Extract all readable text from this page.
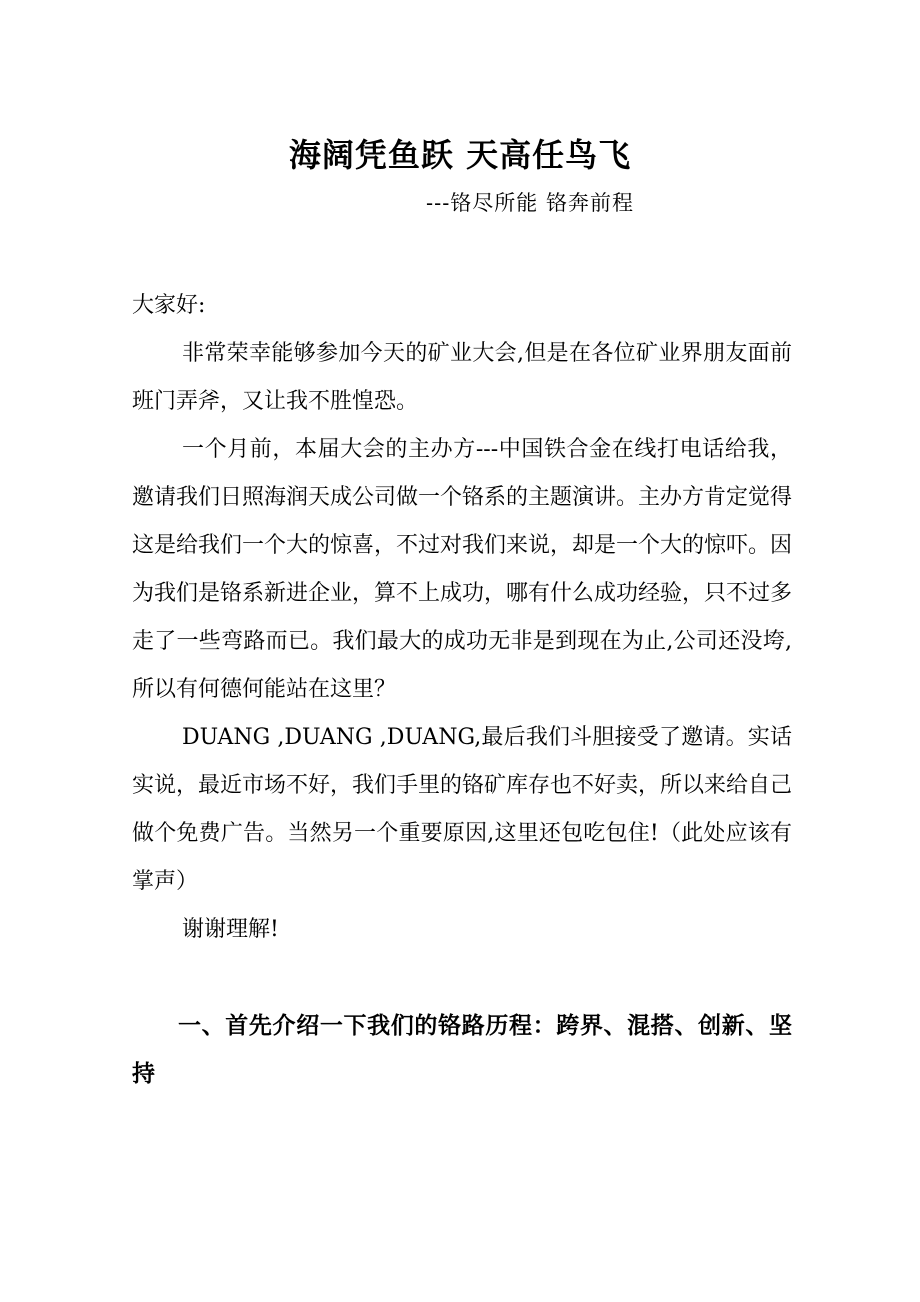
海阔凭鱼跃 天高任鸟飞

---铬尽所能 铬奔前程

大家好:

非常荣幸能够参加今天的矿业大会,但是在各位矿业界朋友面前班门弄斧，又让我不胜惶恐。

一个月前，本届大会的主办方---中国铁合金在线打电话给我，邀请我们日照海润天成公司做一个铬系的主题演讲。主办方肯定觉得这是给我们一个大的惊喜，不过对我们来说，却是一个大的惊吓。因为我们是铬系新进企业，算不上成功，哪有什么成功经验，只不过多走了一些弯路而已。我们最大的成功无非是到现在为止,公司还没垮,所以有何德何能站在这里？

DUANG ,DUANG ,DUANG,最后我们斗胆接受了邀请。实话实说，最近市场不好，我们手里的铬矿库存也不好卖，所以来给自己做个免费广告。当然另一个重要原因,这里还包吃包住!（此处应该有掌声）

谢谢理解!

一、首先介绍一下我们的铬路历程：跨界、混搭、创新、坚持
